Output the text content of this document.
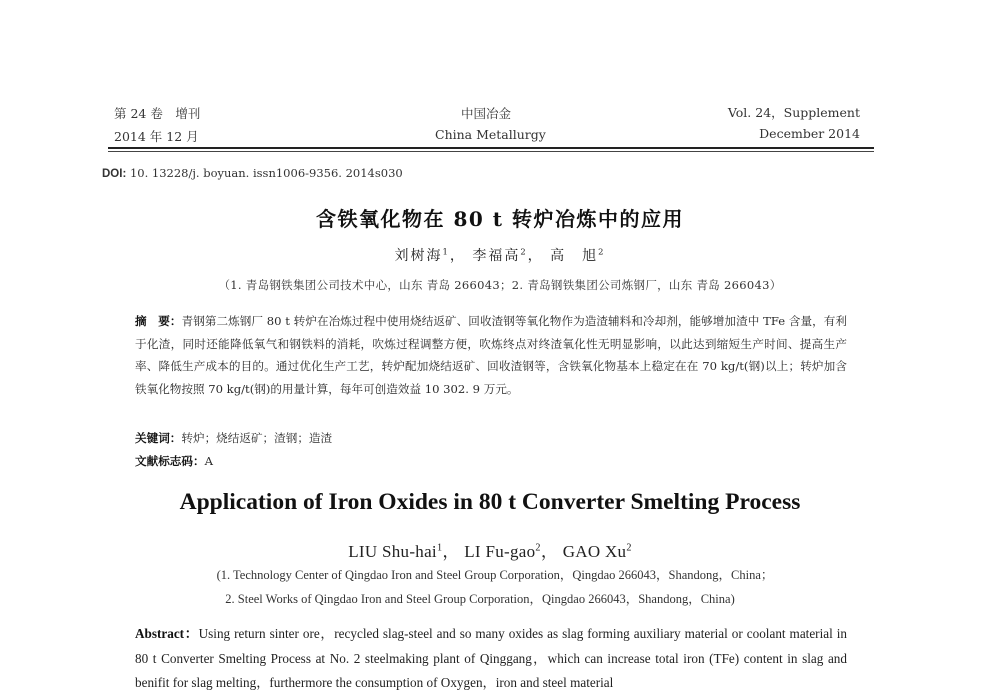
第 24 卷　增刊
2014 年 12 月
中国冶金
China Metallurgy
Vol. 24，Supplement
December 2014
DOI: 10. 13228/j. boyuan. issn1006-9356. 2014s030
含铁氧化物在 80 t 转炉冶炼中的应用
刘树海$^1$， 李福高$^2$， 高　旭$^2$
（1. 青岛钢铁集团公司技术中心，山东 青岛 266043；2. 青岛钢铁集团公司炼钢厂，山东 青岛 266043）
摘　要：青钢第二炼钢厂 80 t 转炉在冶炼过程中使用烧结返矿、回收渣钢等氧化物作为造渣辅料和冷却剂，能够增加渣中 TFe 含量，有利于化渣，同时还能降低氧气和钢铁料的消耗，吹炼过程调整方便，吹炼终点对终渣氧化性无明显影响，以此达到缩短生产时间、提高生产率、降低生产成本的目的。通过优化生产工艺，转炉配加烧结返矿、回收渣钢等，含铁氧化物基本上稳定在在 70 kg/t(钢)以上；转炉加含铁氧化物按照 70 kg/t(钢)的用量计算，每年可创造效益 10 302. 9 万元。
关键词：转炉；烧结返矿；渣钢；造渣
文献标志码：A
Application of Iron Oxides in 80 t Converter Smelting Process
LIU Shu-hai$^1$， LI Fu-gao$^2$， GAO Xu$^2$
(1. Technology Center of Qingdao Iron and Steel Group Corporation，Qingdao 266043，Shandong，China；
2. Steel Works of Qingdao Iron and Steel Group Corporation，Qingdao 266043，Shandong，China)
Abstract：Using return sinter ore，recycled slag-steel and so many oxides as slag forming auxiliary material or coolant material in 80 t Converter Smelting Process at No. 2 steelmaking plant of Qinggang，which can increase total iron (TFe) content in slag and benifit for slag melting，furthermore the consumption of Oxygen，iron and steel material
